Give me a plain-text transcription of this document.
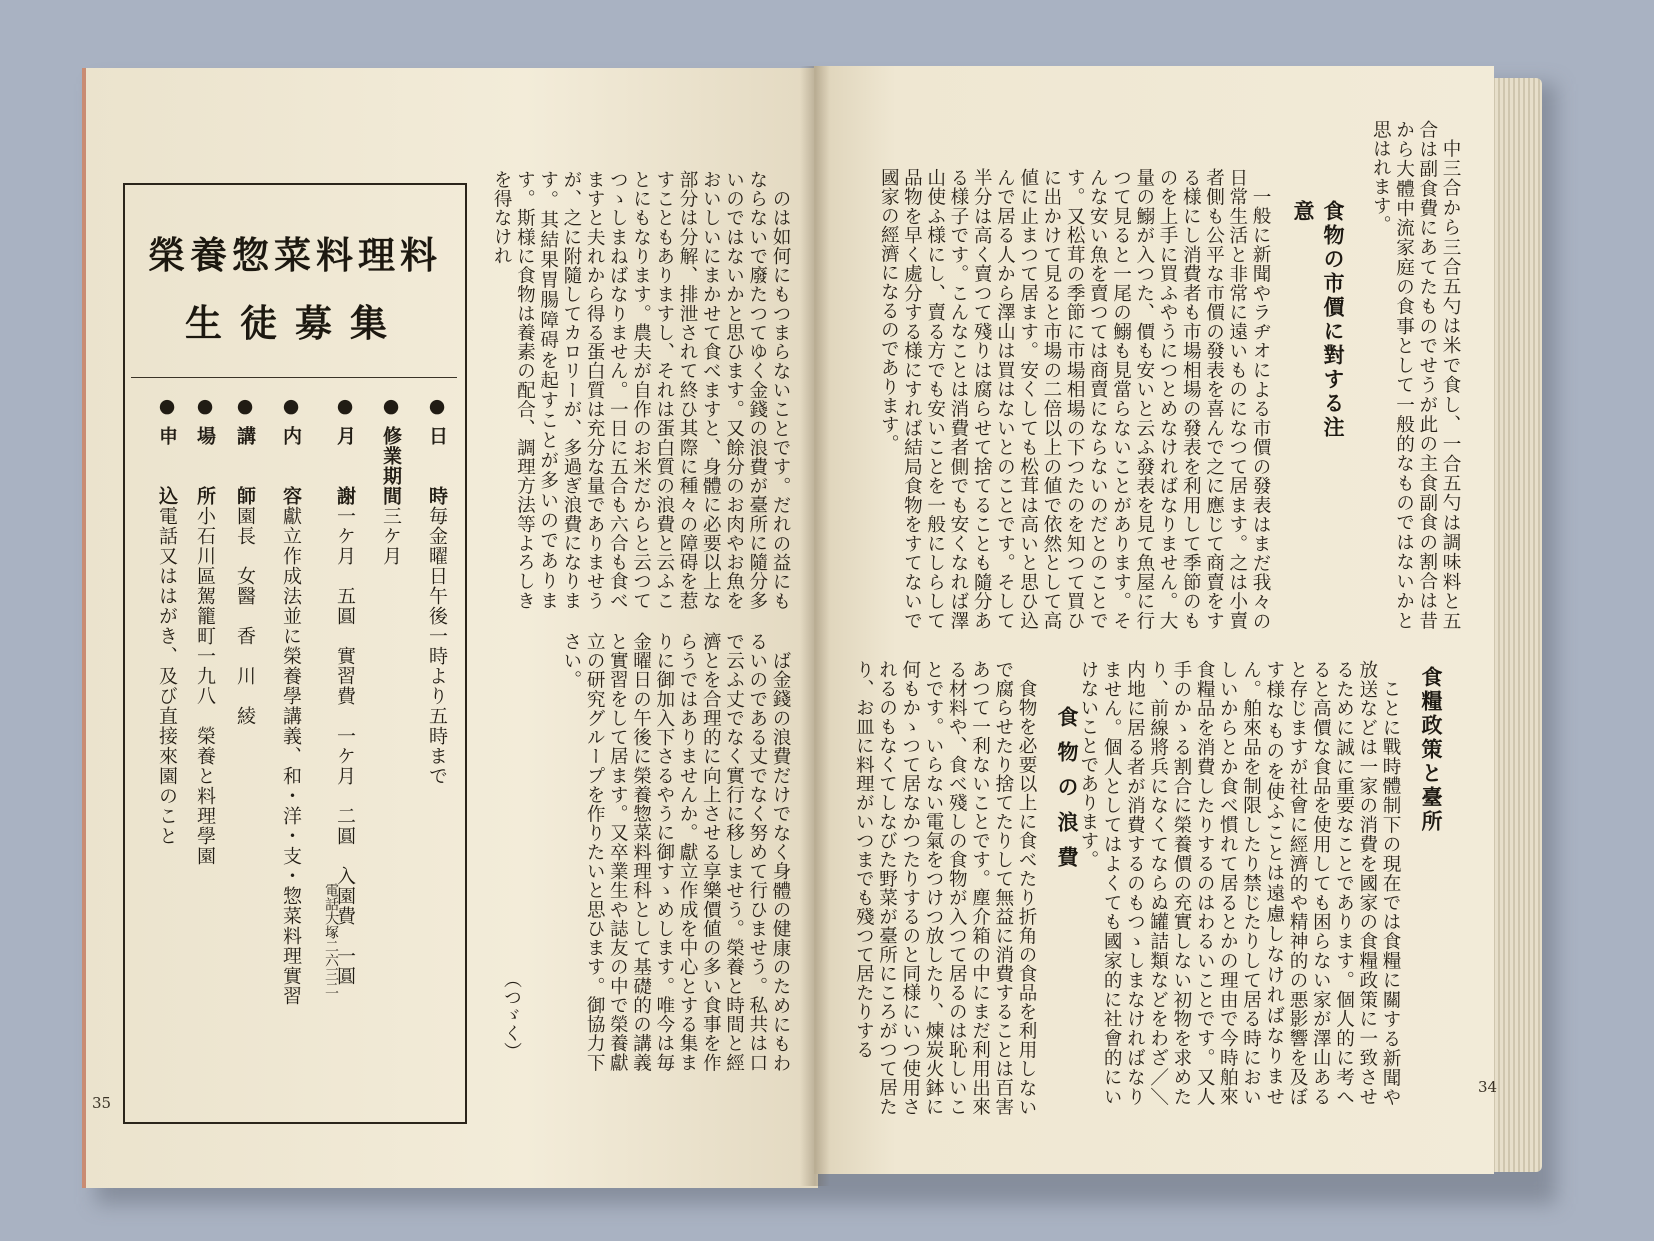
榮養惣菜料理料
生徒募集
●日　　時毎金曜日午後一時より五時まで
●修業期間三ケ月
●月　　謝一ケ月　五圓　實習費　一ケ月　二圓　入園費　一圓
●内　　容獻立作成法並に榮養學講義、和・洋・支・惣菜料理實習
●講　　師園長　女醫　香　川　綾
●場　　所小石川區駕籠町一九八　榮養と料理學園
●申　　込電話又ははがき、及び直接來園のこと
電話大塚二六三二

のは如何にもつまらないことです。だれの益にもならないで廢たつてゆく金錢の浪費が臺所に隨分多いのではないかと思ひます。又餘分のお肉やお魚をおいしいにまかせて食べますと、身體に必要以上な部分は分解、排泄されて終ひ其際に種々の障碍を惹すこともありますし、それは蛋白質の浪費と云ふことにもなります。農夫が自作のお米だからと云つてつゝしまねばなりません。一日に五合も六合も食べますと夫れから得る蛋白質は充分な量でありませうが、之に附隨してカロリーが、多過ぎ浪費になります。其結果胃腸障碍を起すことが多いのであります。斯様に食物は養素の配合、調理方法等よろしきを得なけれ

ば金錢の浪費だけでなく身體の健康のためにもわるいのである丈でなく努めて行ひませう。私共は口で云ふ丈でなく實行に移しませう。榮養と時間と經濟とを合理的に向上させる享樂價値の多い食事を作らうではありませんか。獻立作成を中心とする集まりに御加入下さるやうに御すゝめします。唯今は毎金曜日の午後に榮養惣菜料理科として基礎的の講義と實習をして居ます。又卒業生や誌友の中で榮養獻立の研究グループを作りたいと思ひます。御協力下さい。

（つゞく）
35

中三合から三合五勺は米で食し、一合五勺は調味料と五合は副食費にあてたものでせうが此の主食副食の割合は昔から大體中流家庭の食事として一般的なものではないかと思はれます。

食物の市價に對する注意

一般に新聞やラヂオによる市價の發表はまだ我々の日常生活と非常に遠いものになつて居ます。之は小賣者側も公平な市價の發表を喜んで之に應じて商賣をする様にし消費者も市場相場の發表を利用して季節のものを上手に買ふやうにつとめなければなりません。大量の鰯が入つた、價も安いと云ふ發表を見て魚屋に行つて見ると一尾の鰯も見當らないことがあります。そんな安い魚を賣つては商賣にならないのだとのことです。又松茸の季節に市場相場の下つたのを知つて買ひに出かけて見ると市場の二倍以上の値で依然として高値に止まつて居ます。安くしても松茸は高いと思ひ込んで居る人から澤山は買はないとのことです。そして半分は高く賣つて殘りは腐らせて捨てることも隨分ある様子です。こんなことは消費者側でも安くなれば澤山使ふ様にし、賣る方でも安いことを一般にしらして品物を早く處分する様にすれば結局食物をすてないで國家の經濟になるのであります。

食糧政策と臺所

ことに戰時體制下の現在では食糧に關する新聞や放送などは一家の消費を國家の食糧政策に一致させるために誠に重要なことであります。個人的に考へると高價な食品を使用しても困らない家が澤山あると存じますが社會に經濟的や精神的の悪影響を及ぼす様なものを使ふことは遠慮しなければなりません。舶來品を制限したり禁じたりして居る時においしいからとか食べ慣れて居るとかの理由で今時舶來食糧品を消費したりするのはわるいことです。又人手のかゝる割合に榮養價の充實しない初物を求めたり、前線將兵になくてならぬ罐詰類などをわざ／＼内地に居る者が消費するのもつゝしまなければなりません。個人としてはよくても國家的に社會的にいけないことであります。

食物の浪費

食物を必要以上に食べたり折角の食品を利用しないで腐らせたり捨てたりして無益に消費することは百害あつて一利ないことです。塵介箱の中にまだ利用出來る材料や、食べ殘しの食物が入つて居るのは恥しいことです。いらない電氣をつけつ放したり、煉炭火鉢に何もかゝつて居なかつたりするのと同様にいつ使用されるのもなくてしなびた野菜が臺所にころがつて居たり、お皿に料理がいつまでも殘つて居たりする

34
